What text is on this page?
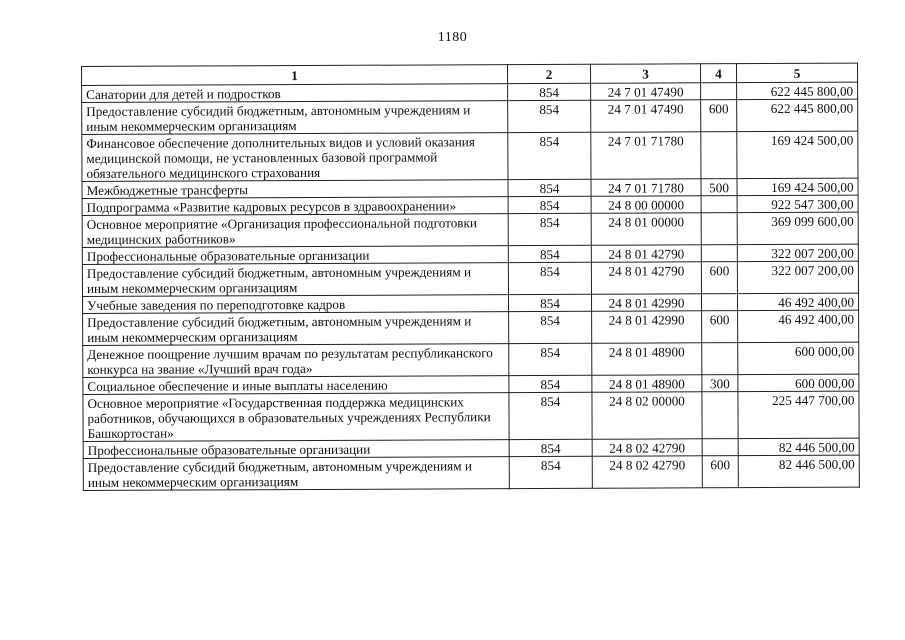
1180
1	2	3	4	5
Санатории для детей и подростков	854	24 7 01 47490		622 445 800,00
Предоставление субсидий бюджетным, автономным учреждениям и иным некоммерческим организациям	854	24 7 01 47490	600	622 445 800,00
Финансовое обеспечение дополнительных видов и условий оказания медицинской помощи, не установленных базовой программой обязательного медицинского страхования	854	24 7 01 71780		169 424 500,00
Межбюджетные трансферты	854	24 7 01 71780	500	169 424 500,00
Подпрограмма «Развитие кадровых ресурсов в здравоохранении»	854	24 8 00 00000		922 547 300,00
Основное мероприятие «Организация профессиональной подготовки медицинских работников»	854	24 8 01 00000		369 099 600,00
Профессиональные образовательные организации	854	24 8 01 42790		322 007 200,00
Предоставление субсидий бюджетным, автономным учреждениям и иным некоммерческим организациям	854	24 8 01 42790	600	322 007 200,00
Учебные заведения по переподготовке кадров	854	24 8 01 42990		46 492 400,00
Предоставление субсидий бюджетным, автономным учреждениям и иным некоммерческим организациям	854	24 8 01 42990	600	46 492 400,00
Денежное поощрение лучшим врачам по результатам республиканского конкурса на звание «Лучший врач года»	854	24 8 01 48900		600 000,00
Социальное обеспечение и иные выплаты населению	854	24 8 01 48900	300	600 000,00
Основное мероприятие «Государственная поддержка медицинских работников, обучающихся в образовательных учреждениях Республики Башкортостан»	854	24 8 02 00000		225 447 700,00
Профессиональные образовательные организации	854	24 8 02 42790		82 446 500,00
Предоставление субсидий бюджетным, автономным учреждениям и иным некоммерческим организациям	854	24 8 02 42790	600	82 446 500,00
